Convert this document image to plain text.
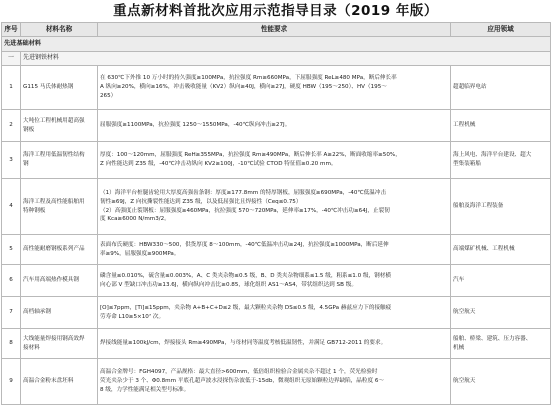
重点新材料首批次应用示范指导目录（2019 年版）
序号	材料名称	性能要求	应用领域
先进基础材料			
一	先进钢铁材料		
1	G115 马氏体耐热钢	在 630℃下外推 10 万小时的持久强度≥100MPa，抗拉强度 Rm≥660MPa，下屈服强度 ReL≥480 MPa，断后伸长率
A 纵向≥20%，横向≥16%，冲击吸收能量（KV2）纵向≥40J，横向≥27J，硬度 HBW（195～250）、HV（195～
265）	超超临界电站
2	大吨位工程机械用超高强
钢板	屈服强度≥1100MPa，抗拉强度 1250～1550MPa，-40℃纵向冲击≥27J。	工程机械
3	海洋工程用低温韧性结构
钢	厚度：100～120mm，屈服强度 ReH≥355MPa，抗拉强度 Rm≥490MPa，断后伸长率 A≥22%，断面收缩率≥50%，
Z 向性能达到 Z35 级，-40℃冲击功纵向 KV2≥100J，-10℃试验 CTOD 特征值≥0.20 mm。	海上风电、海洋平台建设、超大
型集装箱船
4	海洋工程及高性能船舶用
特种钢板	（1）海洋平台桩腿齿轮用大厚度高强齿条钢：厚度≥177.8mm 的特厚钢板，屈服强度≥690MPa，-40℃低温冲击
韧性≥69J，Z 向抗撕裂性能达到 Z35 级，以及低屈强比且焊接性（Ceq≤0.75）
（2）高强度止裂钢板：屈服强度≥460MPa，抗拉强度 570～720MPa，延伸率≥17%，-40℃冲击功≥64J，止裂韧
度 Kca≥6000 N/mm3/2。	船舶及海洋工程装备
5	高性能耐磨钢板系列产品	表面布氏硬度：HBW330～500，供货厚度 8～100mm，-40℃低温冲击功≥24J，抗拉强度≥1000MPa，断后延伸
率≥9%，屈服强度≥900MPa。	高端煤矿机械、工程机械
6	汽车用高端热作模具钢	磷含量≤0.010%，硫含量≤0.003%，A、C 类夹杂物≤0.5 级，B、D 类夹杂物细系≤1.5 级，粗系≤1.0 级，钢材横
向心部 V 型缺口冲击功≥13.6J，横向纵向冲击比≥0.85，球化组织 AS1～AS4，带状组织达到 SB 级。	汽车
7	高档轴承钢	[O]≤7ppm，[Ti]≤15ppm，夹杂物 A+B+C+D≤2 级，最大颗粒夹杂物 DS≤0.5 级，4.5GPa 赫兹应力下的接触疲
劳寿命 L10≥5×10⁷ 次。	航空航天
8	大线能量焊接用钢高效焊
接材料	焊接线能量≥100kJ/cm，焊接接头 Rm≥490MPa，与母材同等温度考核低温韧性，并满足 GB712-2011 的要求。	船舶、桥梁、建筑、压力容器、
机械
9	高温合金粉末盘坯料	高温合金牌号：FGH4097，产品规格：最大直径>600mm，低倍组织检验合金属夹杂不超过 1 个，荧光检验时
荧光夹杂少于 3 个、Φ0.8mm 平底孔超声波水浸探伤杂波低于-15db，微观组织无原始颗粒边界缺陷，晶粒度 6～
8 级，力学性能满足相关型号标准。	航空航天
